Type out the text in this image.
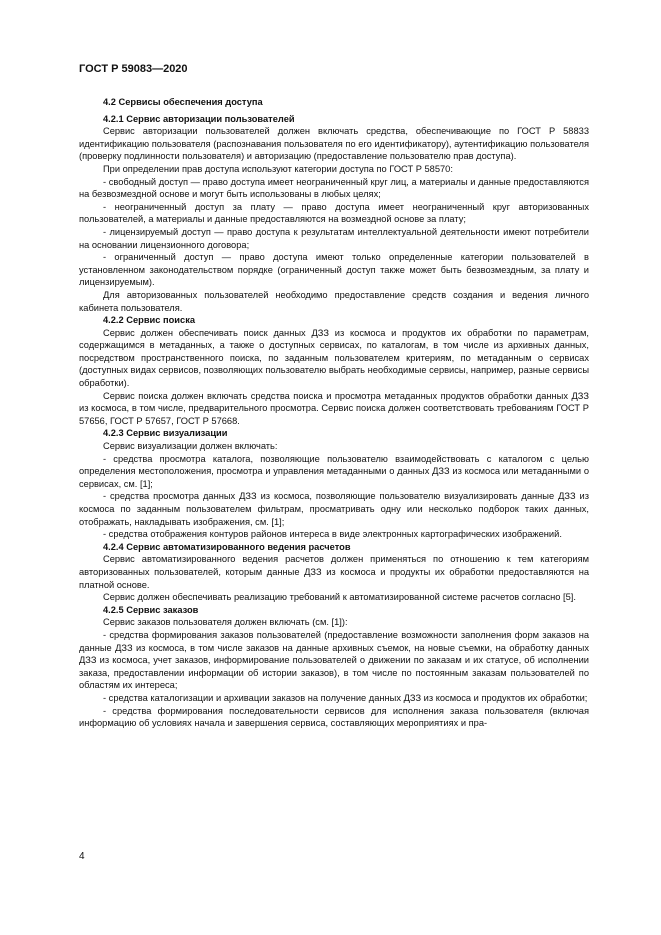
ГОСТ Р 59083—2020

4.2 Сервисы обеспечения доступа

4.2.1 Сервис авторизации пользователей

Сервис авторизации пользователей должен включать средства, обеспечивающие по ГОСТ Р 58833 идентификацию пользователя (распознавания пользователя по его идентификатору), аутентификацию пользователя (проверку подлинности пользователя) и авторизацию (предоставление пользователю прав доступа).

При определении прав доступа используют категории доступа по ГОСТ Р 58570:

- свободный доступ — право доступа имеет неограниченный круг лиц, а материалы и данные предоставляются на безвозмездной основе и могут быть использованы в любых целях;

- неограниченный доступ за плату — право доступа имеет неограниченный круг авторизованных пользователей, а материалы и данные предоставляются на возмездной основе за плату;

- лицензируемый доступ — право доступа к результатам интеллектуальной деятельности имеют потребители на основании лицензионного договора;

- ограниченный доступ — право доступа имеют только определенные категории пользователей в установленном законодательством порядке (ограниченный доступ также может быть безвозмездным, за плату и лицензируемым).

Для авторизованных пользователей необходимо предоставление средств создания и ведения личного кабинета пользователя.

4.2.2 Сервис поиска

Сервис должен обеспечивать поиск данных ДЗЗ из космоса и продуктов их обработки по параметрам, содержащимся в метаданных, а также о доступных сервисах, по каталогам, в том числе из архивных данных, посредством пространственного поиска, по заданным пользователем критериям, по метаданным о сервисах (доступных видах сервисов, позволяющих пользователю выбрать необходимые сервисы, например, разные сервисы обработки).

Сервис поиска должен включать средства поиска и просмотра метаданных продуктов обработки данных ДЗЗ из космоса, в том числе, предварительного просмотра. Сервис поиска должен соответствовать требованиям ГОСТ Р 57656, ГОСТ Р 57657, ГОСТ Р 57668.

4.2.3 Сервис визуализации

Сервис визуализации должен включать:

- средства просмотра каталога, позволяющие пользователю взаимодействовать с каталогом с целью определения местоположения, просмотра и управления метаданными о данных ДЗЗ из космоса или метаданными о сервисах, см. [1];

- средства просмотра данных ДЗЗ из космоса, позволяющие пользователю визуализировать данные ДЗЗ из космоса по заданным пользователем фильтрам, просматривать одну или несколько подборок таких данных, отображать, накладывать изображения, см. [1];

- средства отображения контуров районов интереса в виде электронных картографических изображений.

4.2.4 Сервис автоматизированного ведения расчетов

Сервис автоматизированного ведения расчетов должен применяться по отношению к тем категориям авторизованных пользователей, которым данные ДЗЗ из космоса и продукты их обработки предоставляются на платной основе.

Сервис должен обеспечивать реализацию требований к автоматизированной системе расчетов согласно [5].

4.2.5 Сервис заказов

Сервис заказов пользователя должен включать (см. [1]):

- средства формирования заказов пользователей (предоставление возможности заполнения форм заказов на данные ДЗЗ из космоса, в том числе заказов на данные архивных съемок, на новые съемки, на обработку данных ДЗЗ из космоса, учет заказов, информирование пользователей о движении по заказам и их статусе, об исполнении заказа, предоставлении информации об истории заказов), в том числе по постоянным заказам пользователей по областям их интереса;

- средства каталогизации и архивации заказов на получение данных ДЗЗ из космоса и продуктов их обработки;

- средства формирования последовательности сервисов для исполнения заказа пользователя (включая информацию об условиях начала и завершения сервиса, составляющих мероприятиях и пра-

4
